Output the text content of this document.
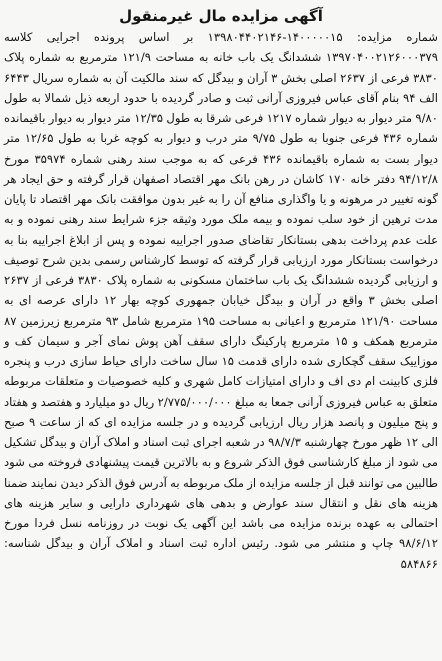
آگهی مزایده مال غیرمنقول

شماره مزایده: ۱۴۰۰۰۰۰۱۵-۱۳۹۸۰۴۴۰۲۱۴۶ بر اساس پرونده اجرایی کلاسه ۱۳۹۷۰۴۰۰۲۱۲۶۰۰۰۳۷۹ ششدانگ یک باب خانه به مساحت ۱۲۱/۹ مترمربع به شماره پلاک ۳۸۳۰ فرعی از ۲۶۳۷ اصلی بخش ۳ آران و بیدگل که سند مالکیت آن به شماره سریال ۶۴۴۳ الف ۹۴ بنام آقای عباس فیروزی آرانی ثبت و صادر گردیده با حدود اربعه ذیل شمالا به طول ۹/۸۰ متر دیوار به دیوار شماره ۱۲۱۷ فرعی شرقا به طول ۱۲/۳۵ متر دیوار به دیوار باقیمانده شماره ۴۳۶ فرعی جنوبا به طول ۹/۷۵ متر درب و دیوار به کوچه غربا به طول ۱۲/۶۵ متر دیوار بست به شماره باقیمانده ۴۳۶ فرعی که به موجب سند رهنی شماره ۳۵۹۷۴ مورخ ۹۴/۱۲/۸ دفتر خانه ۱۷۰ کاشان در رهن بانک مهر اقتصاد اصفهان قرار گرفته و حق ایجاد هر گونه تغییر در مرهونه و یا واگذاری منافع آن را به غیر بدون موافقت بانک مهر اقتصاد تا پایان مدت ترهین از خود سلب نموده و بیمه ملک مورد وثیقه جزء شرایط سند رهنی نموده و به علت عدم پرداخت بدهی بستانکار تقاضای صدور اجراییه نموده و پس از ابلاغ اجراییه بنا به درخواست بستانکار مورد ارزیابی قرار گرفته که توسط کارشناس رسمی بدین شرح توصیف و ارزیابی گردیده ششدانگ یک باب ساختمان مسکونی به شماره پلاک ۳۸۳۰ فرعی از ۲۶۳۷ اصلی بخش ۳ واقع در آران و بیدگل خیابان جمهوری کوچه بهار ۱۲ دارای عرصه ای به مساحت ۱۲۱/۹۰ مترمربع و اعیانی به مساحت ۱۹۵ مترمربع شامل ۹۳ مترمربع زیرزمین ۸۷ مترمربع همکف و ۱۵ مترمربع پارکینگ دارای سقف آهن پوش نمای آجر و سیمان کف و موزاییک سقف گچکاری شده دارای قدمت ۱۵ سال ساخت دارای حیاط سازی درب و پنجره فلزی کابینت ام دی اف و دارای امتیازات کامل شهری و کلیه خصوصیات و متعلقات مربوطه متعلق به عباس فیروزی آرانی جمعا به مبلغ ۲/۷۷۵/۰۰۰/۰۰۰ ریال دو میلیارد و هفتصد و هفتاد و پنج میلیون و پانصد هزار ریال ارزیابی گردیده و در جلسه مزایده ای که از ساعت ۹ صبح الی ۱۲ ظهر مورخ چهارشنبه ۹۸/۷/۳ در شعبه اجرای ثبت اسناد و املاک آران و بیدگل تشکیل می شود از مبلغ کارشناسی فوق الذکر شروع و به بالاترین قیمت پیشنهادی فروخته می شود طالبین می توانند قبل از جلسه مزایده از ملک مربوطه به آدرس فوق الذکر دیدن نمایند ضمنا هزینه های نقل و انتقال سند عوارض و بدهی های شهرداری دارایی و سایر هزینه های احتمالی به عهده برنده مزایده می باشد این آگهی یک نوبت در روزنامه نسل فردا مورخ ۹۸/۶/۱۲ چاپ و منتشر می شود. رئیس اداره ثبت اسناد و املاک آران و بیدگل شناسه: ۵۸۴۸۶۶
